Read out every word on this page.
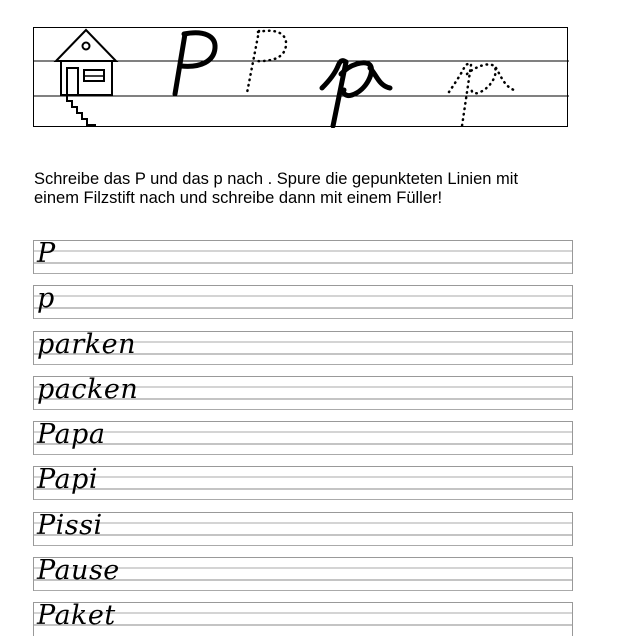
Schreibe das P und das p nach . Spure die gepunkteten Linien mit
einem Filzstift nach und schreibe dann mit einem Füller!

P
p
parken
packen
Papa
Papi
Pissi
Pause
Paket
